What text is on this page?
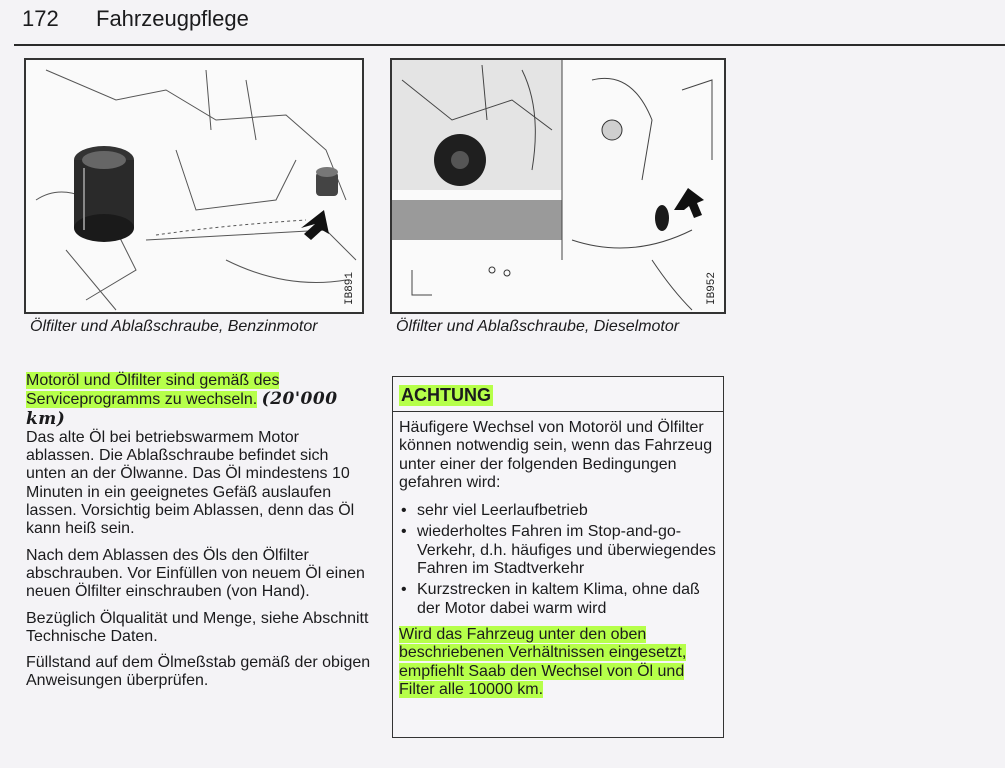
172 Fahrzeugpflege
IB891
Ölfilter und Ablaßschraube, Benzinmotor
IB952
Ölfilter und Ablaßschraube, Dieselmotor

Motoröl und Ölfilter sind gemäß des Serviceprogramms zu wechseln. (20'000 km)

Das alte Öl bei betriebswarmem Motor ablassen. Die Ablaßschraube befindet sich unten an der Ölwanne. Das Öl mindestens 10 Minuten in ein geeignetes Gefäß auslaufen lassen. Vorsichtig beim Ablassen, denn das Öl kann heiß sein.

Nach dem Ablassen des Öls den Ölfilter abschrauben. Vor Einfüllen von neuem Öl einen neuen Ölfilter einschrauben (von Hand).

Bezüglich Ölqualität und Menge, siehe Abschnitt Technische Daten.

Füllstand auf dem Ölmeßstab gemäß der obigen Anweisungen überprüfen.

ACHTUNG

Häufigere Wechsel von Motoröl und Ölfilter können notwendig sein, wenn das Fahrzeug unter einer der folgenden Bedingungen gefahren wird:

• sehr viel Leerlaufbetrieb
• wiederholtes Fahren im Stop-and-go-Verkehr, d.h. häufiges und überwiegendes Fahren im Stadtverkehr
• Kurzstrecken in kaltem Klima, ohne daß der Motor dabei warm wird

Wird das Fahrzeug unter den oben beschriebenen Verhältnissen eingesetzt, empfiehlt Saab den Wechsel von Öl und Filter alle 10000 km.
